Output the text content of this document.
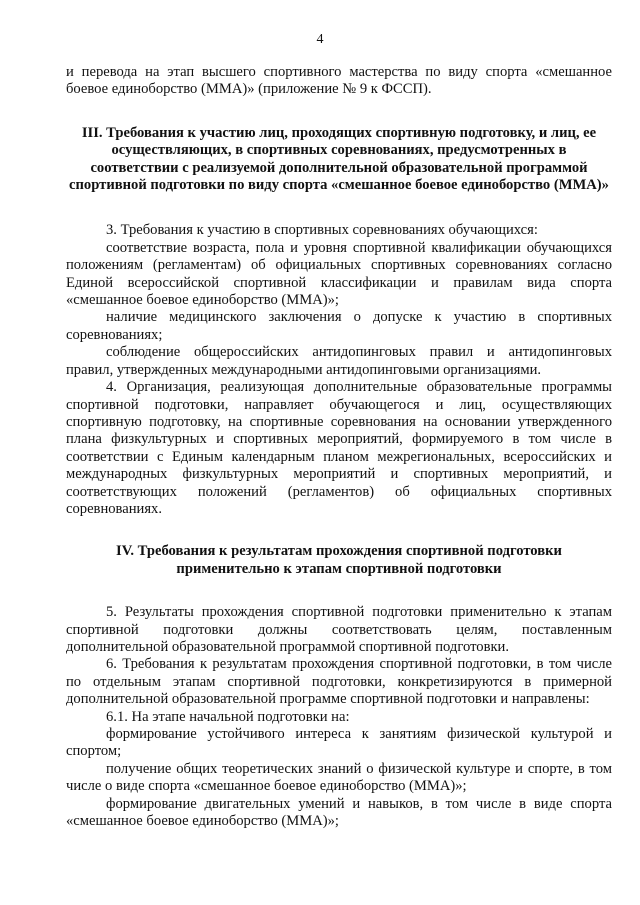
4

и перевода на этап высшего спортивного мастерства по виду спорта «смешанное боевое единоборство (ММА)» (приложение № 9 к ФССП).

III. Требования к участию лиц, проходящих спортивную подготовку, и лиц, ее осуществляющих, в спортивных соревнованиях, предусмотренных в соответствии с реализуемой дополнительной образовательной программой спортивной подготовки по виду спорта «смешанное боевое единоборство (ММА)»

3. Требования к участию в спортивных соревнованиях обучающихся:

соответствие возраста, пола и уровня спортивной квалификации обучающихся положениям (регламентам) об официальных спортивных соревнованиях согласно Единой всероссийской спортивной классификации и правилам вида спорта «смешанное боевое единоборство (ММА)»;

наличие медицинского заключения о допуске к участию в спортивных соревнованиях;

соблюдение общероссийских антидопинговых правил и антидопинговых правил, утвержденных международными антидопинговыми организациями.

4. Организация, реализующая дополнительные образовательные программы спортивной подготовки, направляет обучающегося и лиц, осуществляющих спортивную подготовку, на спортивные соревнования на основании утвержденного плана физкультурных и спортивных мероприятий, формируемого в том числе в соответствии с Единым календарным планом межрегиональных, всероссийских и международных физкультурных мероприятий и спортивных мероприятий, и соответствующих положений (регламентов) об официальных спортивных соревнованиях.

IV. Требования к результатам прохождения спортивной подготовки применительно к этапам спортивной подготовки

5. Результаты прохождения спортивной подготовки применительно к этапам спортивной подготовки должны соответствовать целям, поставленным дополнительной образовательной программой спортивной подготовки.

6. Требования к результатам прохождения спортивной подготовки, в том числе по отдельным этапам спортивной подготовки, конкретизируются в примерной дополнительной образовательной программе спортивной подготовки и направлены:

6.1. На этапе начальной подготовки на:

формирование устойчивого интереса к занятиям физической культурой и спортом;

получение общих теоретических знаний о физической культуре и спорте, в том числе о виде спорта «смешанное боевое единоборство (ММА)»;

формирование двигательных умений и навыков, в том числе в виде спорта «смешанное боевое единоборство (ММА)»;
